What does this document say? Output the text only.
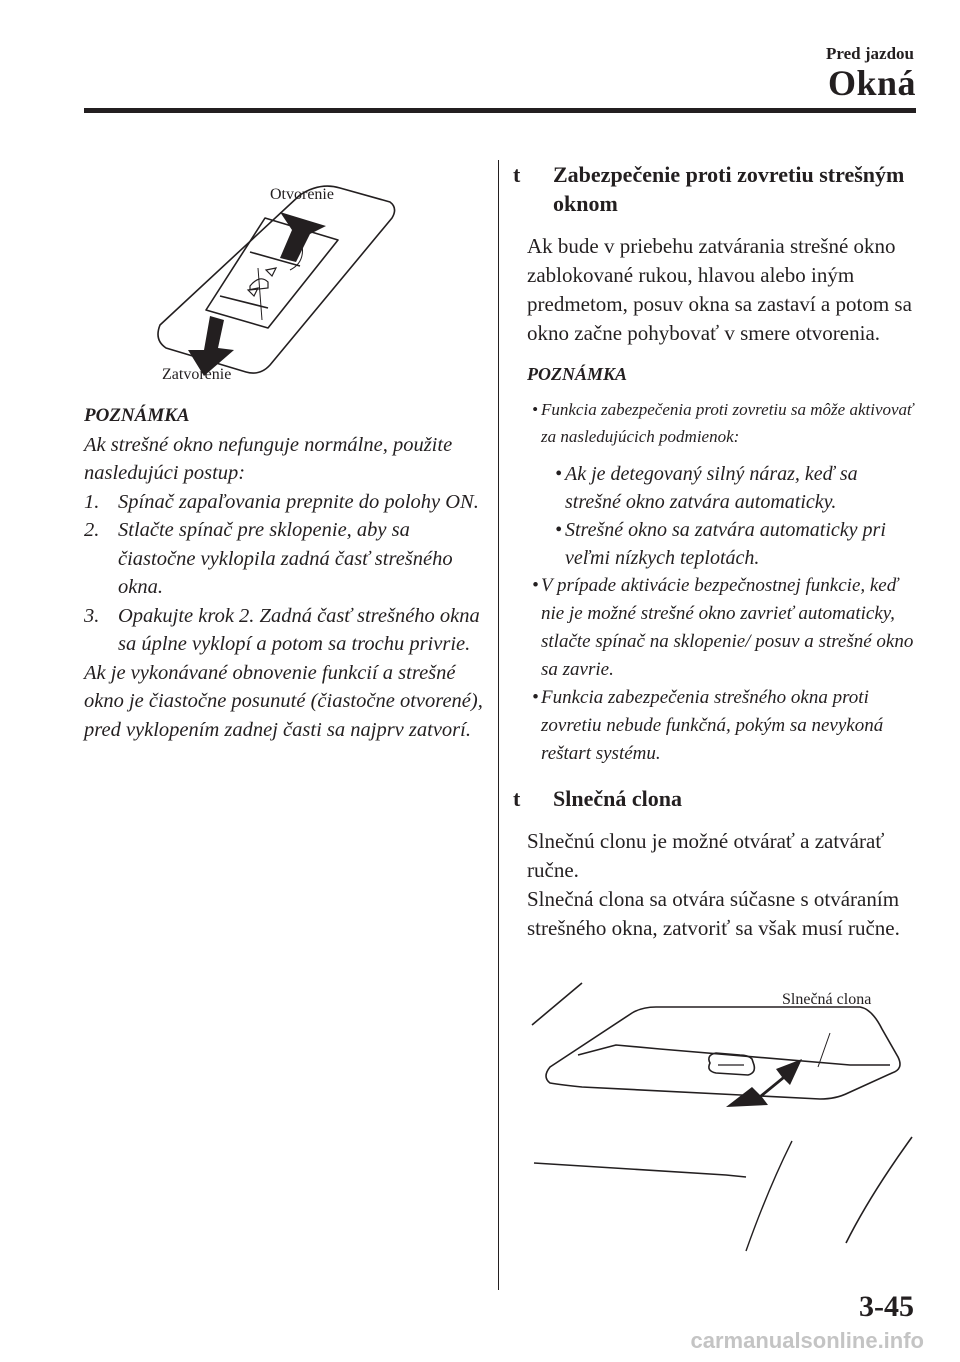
Pred jazdou
Okná
Otvorenie
Zatvorenie
POZNÁMKA

Ak strešné okno nefunguje normálne, použite nasledujúci postup:

1. Spínač zapaľovania prepnite do polohy ON.
2. Stlačte spínač pre sklopenie, aby sa čiastočne vyklopila zadná časť strešného okna.
3. Opakujte krok 2. Zadná časť strešného okna sa úplne vyklopí a potom sa trochu privrie.

Ak je vykonávané obnovenie funkcií a strešné okno je čiastočne posunuté (čiastočne otvorené), pred vyklopením zadnej časti sa najprv zatvorí.

t Zabezpečenie proti zovretiu strešným oknom

Ak bude v priebehu zatvárania strešné okno zablokované rukou, hlavou alebo iným predmetom, posuv okna sa zastaví a potom sa okno začne pohybovať v smere otvorenia.

POZNÁMKA
• Funkcia zabezpečenia proti zovretiu sa môže aktivovať za nasledujúcich podmienok:
• Ak je detegovaný silný náraz, keď sa strešné okno zatvára automaticky.
• Strešné okno sa zatvára automaticky pri veľmi nízkych teplotách.
• V prípade aktivácie bezpečnostnej funkcie, keď nie je možné strešné okno zavrieť automaticky, stlačte spínač na sklopenie/ posuv a strešné okno sa zavrie.
• Funkcia zabezpečenia strešného okna proti zovretiu nebude funkčná, pokým sa nevykoná reštart systému.
t Slnečná clona

Slnečnú clonu je možné otvárať a zatvárať ručne.

Slnečná clona sa otvára súčasne s otváraním strešného okna, zatvoriť sa však musí ručne.

Slnečná clona
3-45
carmanualsonline.info
